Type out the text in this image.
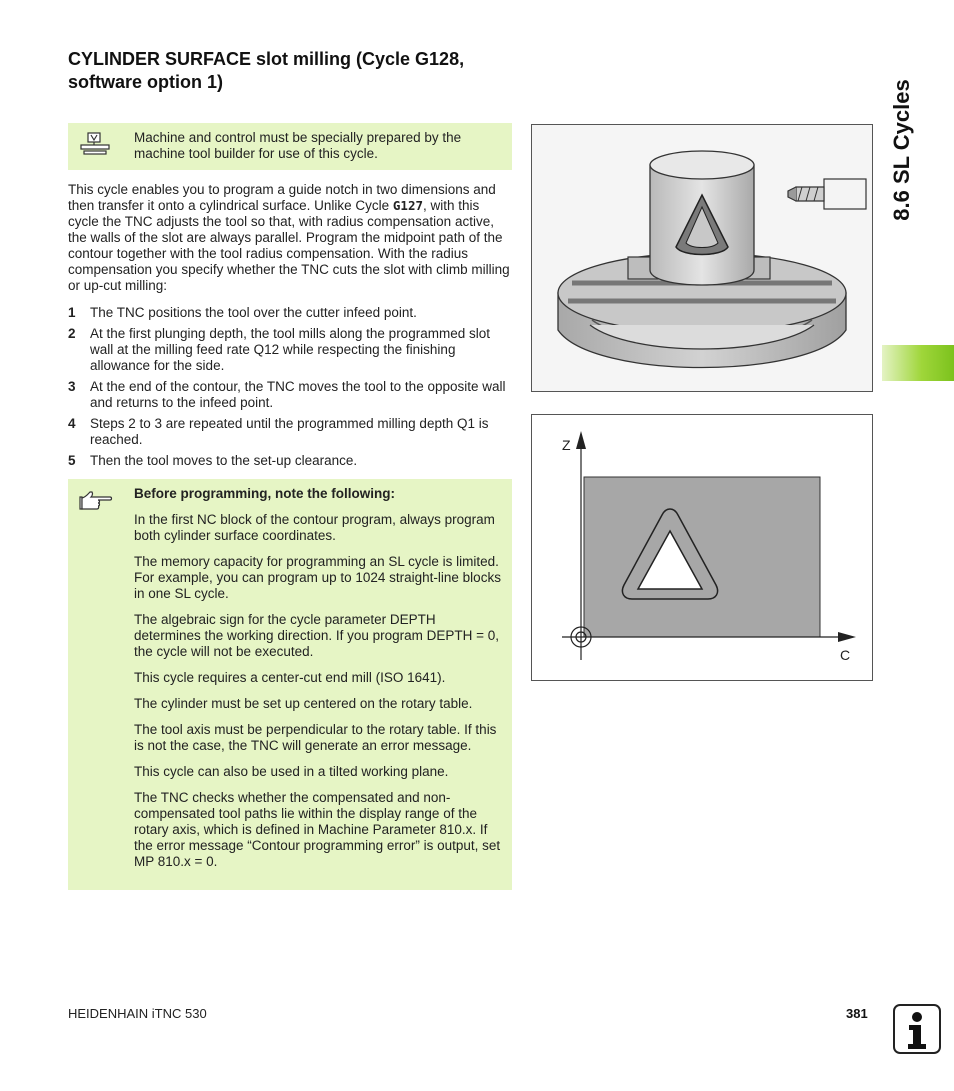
CYLINDER SURFACE slot milling (Cycle G128, software option 1)	8.6 SL Cycles
Machine and control must be specially prepared by the machine tool builder for use of this cycle.

This cycle enables you to program a guide notch in two dimensions and then transfer it onto a cylindrical surface. Unlike Cycle G127, with this cycle the TNC adjusts the tool so that, with radius compensation active, the walls of the slot are always parallel. Program the midpoint path of the contour together with the tool radius compensation. With the radius compensation you specify whether the TNC cuts the slot with climb milling or up-cut milling:

1 The TNC positions the tool over the cutter infeed point.
2 At the first plunging depth, the tool mills along the programmed slot wall at the milling feed rate Q12 while respecting the finishing allowance for the side.
3 At the end of the contour, the TNC moves the tool to the opposite wall and returns to the infeed point.
4 Steps 2 to 3 are repeated until the programmed milling depth Q1 is reached.
5 Then the tool moves to the set-up clearance.

Before programming, note the following:

In the first NC block of the contour program, always program both cylinder surface coordinates.

The memory capacity for programming an SL cycle is limited. For example, you can program up to 1024 straight-line blocks in one SL cycle.

The algebraic sign for the cycle parameter DEPTH determines the working direction. If you program DEPTH = 0, the cycle will not be executed.

This cycle requires a center-cut end mill (ISO 1641).

The cylinder must be set up centered on the rotary table.

The tool axis must be perpendicular to the rotary table. If this is not the case, the TNC will generate an error message.

This cycle can also be used in a tilted working plane.

The TNC checks whether the compensated and non-compensated tool paths lie within the display range of the rotary axis, which is defined in Machine Parameter 810.x. If the error message “Contour programming error” is output, set MP 810.x = 0.

Z
C
HEIDENHAIN iTNC 530	381
